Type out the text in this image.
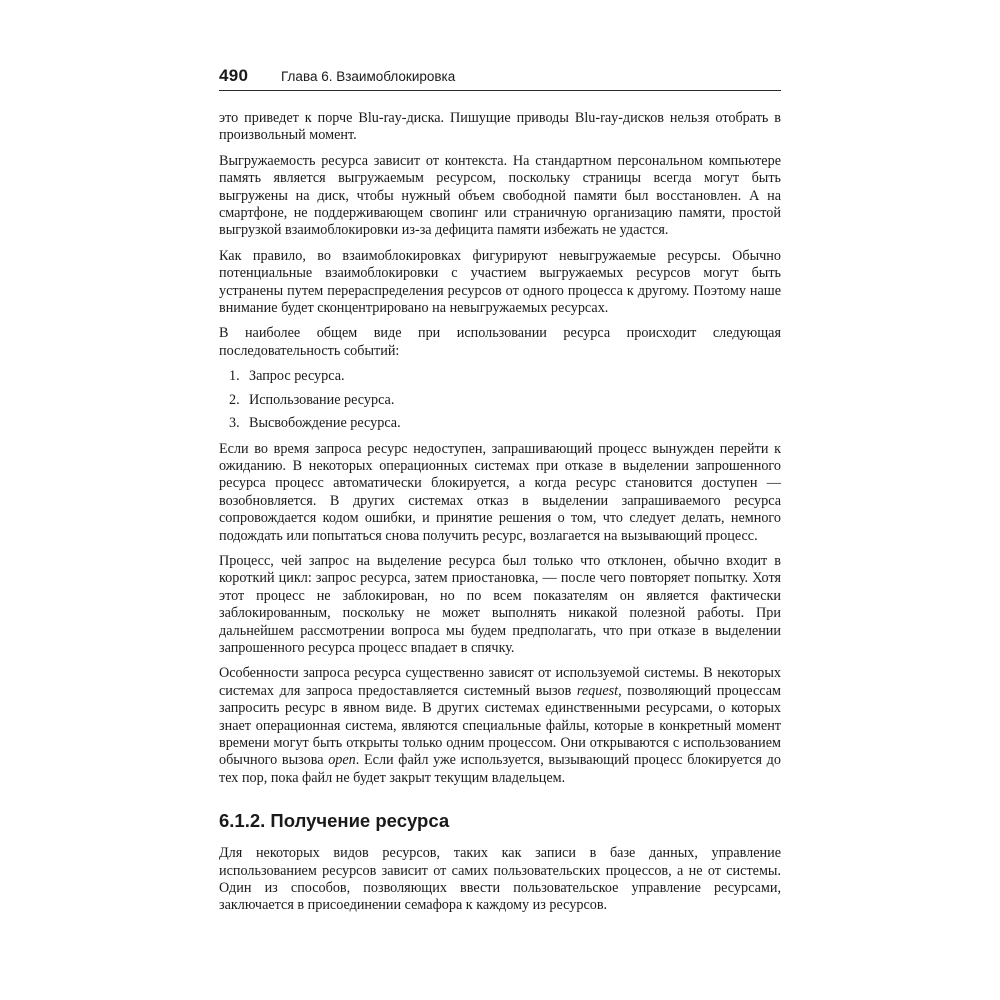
490 Глава 6. Взаимоблокировка

это приведет к порче Blu-ray-диска. Пишущие приводы Blu-ray-дисков нельзя отобрать в произвольный момент.

Выгружаемость ресурса зависит от контекста. На стандартном персональном компьютере память является выгружаемым ресурсом, поскольку страницы всегда могут быть выгружены на диск, чтобы нужный объем свободной памяти был восстановлен. А на смартфоне, не поддерживающем свопинг или страничную организацию памяти, простой выгрузкой взаимоблокировки из-за дефицита памяти избежать не удастся.

Как правило, во взаимоблокировках фигурируют невыгружаемые ресурсы. Обычно потенциальные взаимоблокировки с участием выгружаемых ресурсов могут быть устранены путем перераспределения ресурсов от одного процесса к другому. Поэтому наше внимание будет сконцентрировано на невыгружаемых ресурсах.

В наиболее общем виде при использовании ресурса происходит следующая последовательность событий:

1. Запрос ресурса.
2. Использование ресурса.
3. Высвобождение ресурса.

Если во время запроса ресурс недоступен, запрашивающий процесс вынужден перейти к ожиданию. В некоторых операционных системах при отказе в выделении запрошенного ресурса процесс автоматически блокируется, а когда ресурс становится доступен — возобновляется. В других системах отказ в выделении запрашиваемого ресурса сопровождается кодом ошибки, и принятие решения о том, что следует делать, немного подождать или попытаться снова получить ресурс, возлагается на вызывающий процесс.

Процесс, чей запрос на выделение ресурса был только что отклонен, обычно входит в короткий цикл: запрос ресурса, затем приостановка, — после чего повторяет попытку. Хотя этот процесс не заблокирован, но по всем показателям он является фактически заблокированным, поскольку не может выполнять никакой полезной работы. При дальнейшем рассмотрении вопроса мы будем предполагать, что при отказе в выделении запрошенного ресурса процесс впадает в спячку.

Особенности запроса ресурса существенно зависят от используемой системы. В некоторых системах для запроса предоставляется системный вызов request, позволяющий процессам запросить ресурс в явном виде. В других системах единственными ресурсами, о которых знает операционная система, являются специальные файлы, которые в конкретный момент времени могут быть открыты только одним процессом. Они открываются с использованием обычного вызова open. Если файл уже используется, вызывающий процесс блокируется до тех пор, пока файл не будет закрыт текущим владельцем.

6.1.2. Получение ресурса

Для некоторых видов ресурсов, таких как записи в базе данных, управление использованием ресурсов зависит от самих пользовательских процессов, а не от системы. Один из способов, позволяющих ввести пользовательское управление ресурсами, заключается в присоединении семафора к каждому из ресурсов.
